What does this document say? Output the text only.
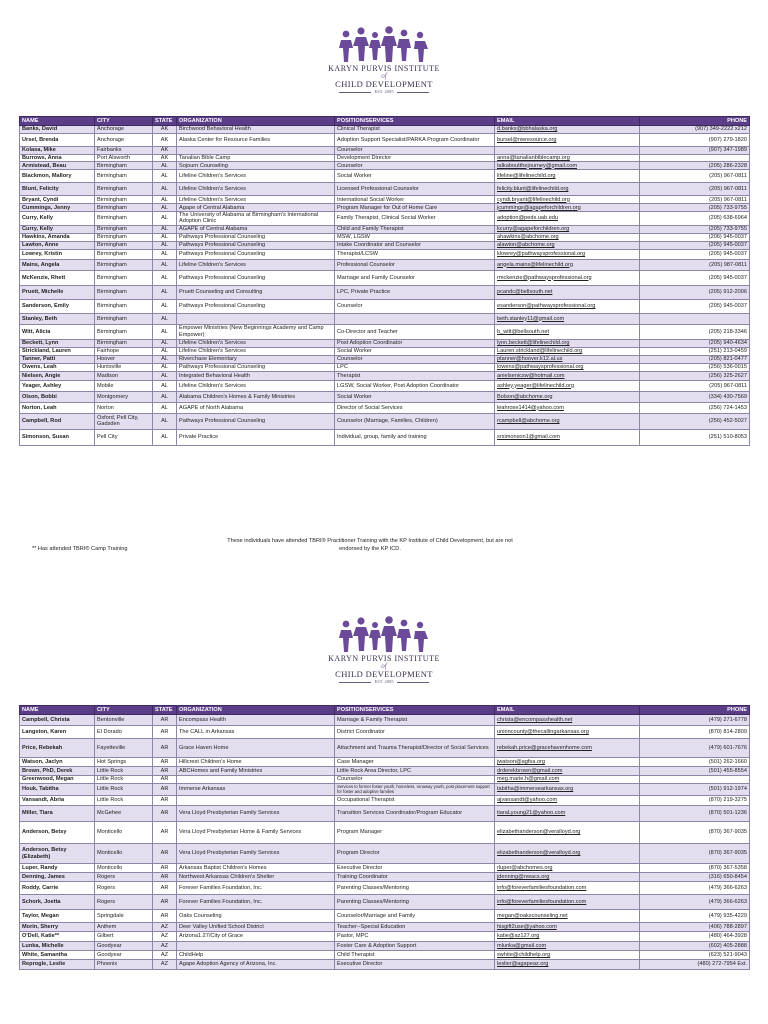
KARYN PURVIS INSTITUTE
of
CHILD DEVELOPMENT
EST. 2005
NAME	CITY	STATE	ORGANIZATION	POSITION/SERVICES	EMAIL	PHONE
Banks, David	Anchorage	AK	Birchwood Behavioral Health	Clinical Therapist	d.banks@bbhalaska.org	(907) 349-2222 x212
Ursel, Brenda	Anchorage	AK	Alaska Center for Resource Families	Adoption Support Specialist/PARKA Program Coordinator	bursel@nwresource.org	(907) 279-1820
Kolasa, Mike	Fairbanks	AK		Counselor		(907) 347-1989
Burrows, Anna	Port Alsworth	AK	Tanalian Bible Camp	Development Director	anna@tanalianbiblecamp.org	
Armistead, Beau	Birmingham	AL	Sojourn Counseling	Counselor	talkaboutthejourney@gmail.com	(205) 286-2328
Blackmon, Mallory	Birmingham	AL	Lifeline Children's Services	Social Worker	lifeline@lifelinechild.org	(205) 967-0811
Blunt, Felicity	Birmingham	AL	Lifeline Children's Services	Licensed Professional Counselor	felicity.blunt@lifelinechild.org	(205) 967-0811
Bryant, Cyndi	Birmingham	AL	Lifeline Children's Services	International Social Worker	cyndi.bryant@lifelinechild.org	(205) 967-0811
Cummings, Jenny	Birmingham	AL	Agape of Central Alabama	Program Manager for Out of Home Care	jcummings@agapeforchildren.org	(205) 733-9755
Curry, Kelly	Birmingham	AL	The University of Alabama at Birmingham's International Adoption Clinic	Family Therapist, Clinical Social Worker	adoption@peds.uab.edu	(205) 638-6964
Curry, Kelly	Birmingham	AL	AGAPE of Central Alabama	Child and Family Therapist	kcurry@agapeforchildren.org	(205) 733-9755
Hawkins, Amanda	Birmingham	AL	Pathways Professional Counseling	MSW, LGSW	ahawkins@abchome.org	(206) 945-0037
Lawton, Anne	Birmingham	AL	Pathways Professional Counseling	Intake Coordinator and Counselor	alawton@abchome.org	(205) 945-0037
Lowrey, Kristin	Birmingham	AL	Pathways Professional Counseling	Therapist/LCSW	klowrey@pathwaysprofessional.org	(205) 945-0037
Mains, Angela	Birmingham	AL	Lifeline Children's Services	Professional Counselor	angela.mains@lifelinechild.org	(205) 987-0811
McKenzie, Rhett	Birmingham	AL	Pathways Professional Counseling	Marriage and Family Counselor	rmckenzie@pathwaysprofessional.org	(205) 945-0037
Pruett, Michelle	Birmingham	AL	Pruett Counseling and Consulting	LPC, Private Practice	pcandc@bellsouth.net	(205) 912-2006
Sanderson, Emily	Birmingham	AL	Pathways Professional Counseling	Counselor	esanderson@pathwaysprofessional.org	(205) 945-0037
Stanley, Beth	Birmingham	AL			beth.stanley11@gmail.com	
Witt, Alicia	Birmingham	AL	Empower Ministries (New Beginnings Academy and Camp Empower)	Co-Director and Teacher	b_witt@bellsouth.net	(205) 218-3346
Beckett, Lynn	Birmingham	AL	Lifeline Children's Services	Post Adoption Coordinator	lynn.beckett@lifelinechild.org	(205) 940-4634
Strickland, Lauren	Fairhope	AL	Lifeline Children's Services	Social Worker	Lauren.strickland@lifelinechild.org	(251) 213-0459
Tanner, Patti	Hoover	AL	Riverchase Elementary	Counselor	ptanner@hoover.k12.al.us	(205) 821-0477
Owens, Leah	Huntsville	AL	Pathways Professional Counseling	LPC	lowens@pathwaysprofessional.org	(256) 536-0015
Nielsen, Angie	Madison	AL	Integrated Behavioral Health	Therapist	anielsenicsw@hotmail.com	(256) 325-2627
Yeager, Ashley	Mobile	AL	Lifeline Children's Services	LGSW, Social Worker, Post Adoption Coordinator	ashley.yeager@lifelinechild.org	(205) 967-0811
Olson, Bobbi	Montgomery	AL	Alabama Children's Homes & Family Ministries	Social Worker	Bolson@abchome.org	(334) 430-7569
Norton, Leah	Norton	AL	AGAPE of North Alabama	Director of Social Services	leahrose1414@yahoo.com	(256) 724-1453
Campbell, Rod	Oxford, Pell City, Gadsden	AL	Pathways Professional Counseling	Counselor (Marriage, Families, Children)	rcampbell@abchome.org	(256) 452-5027
Simonson, Susan	Pell City	AL	Private Practice	Individual, group, family and training	srsimonson1@gmail.com	(251) 510-8053
These individuals have attended TBRI® Practitioner Training with the KP Institute of Child Development, but are not endorsed by the KP ICD.
** Has attended TBRI® Camp Training
KARYN PURVIS INSTITUTE
of
CHILD DEVELOPMENT
EST. 2005
NAME	CITY	STATE	ORGANIZATION	POSITION/SERVICES	EMAIL	PHONE
Campbell, Christa	Bentonville	AR	Encompass Health	Marriage & Family Therapist	christa@encompasshealth.net	(479) 271-6778
Langston, Karen	El Dorado	AR	The CALL in Arkansas	District Coordinator	unioncounty@thecallingarkansas.org	(870) 814-2809
Price, Rebekah	Fayetteville	AR	Grace Haven Home	Attachment and Trauma Therapist/Director of Social Services	rebekah.price@gracehavenhome.com	(479) 601-7676
Watson, Jaclyn	Hot Springs	AR	Hillcrest Children's Home	Case Manager	jwatson@agfsa.org	(501) 262-1660
Brown, PhD, Derek	Little Rock	AR	ABCHomes and Family Ministries	Little Rock Area Director, LPC	drderekbrown@gmail.com	(501) 455-8554
Greenwood, Megan	Little Rock	AR		Counselor	meg.marie.h@gmail.com	
Houk, Tabitha	Little Rock	AR	Immerse Arkansas	Services to former foster youth, homeless, runaway youth, post placement support for foster and adoptive families	tabitha@immersearkansas.org	(501) 912-1974
Vansandt, Abria	Little Rock	AR		Occupational Therapist	ajvansandt@yahoo.com	(870) 219-3275
Miller, Tiara	McGehee	AR	Vera Lloyd Presbyterian Family Services	Transition Services Coordinator/Program Educator	tiaraLyoung21@yahoo.com	(870) 501-1236
Anderson, Betsy	Monticello	AR	Vera Lloyd Presbyterian Home & Family Services	Program Manager	elizabethanderson@veralloyd.org	(870) 367-9035
Anderson, Betsy (Elizabeth)	Monticello	AR	Vera Lloyd Presbyterian Family Services	Program Director	elizabethanderson@veralloyd.org	(870) 367-9035
Luper, Randy	Monticello	AR	Arkansas Baptist Children's Homes	Executive Director	rluper@abchomes.org	(870) 367-5358
Denning, James	Rogers	AR	Northwest Arkansas Children's Shelter	Training Coordinator	jdenning@nwacs.org	(316) 650-8454
Roddy, Carrie	Rogers	AR	Forever Families Foundation, Inc.	Parenting Classes/Mentoring	info@foreverfamiliesfoundation.com	(479) 366-6263
Schork, Joetta	Rogers	AR	Forever Families Foundation, Inc.	Parenting Classes/Mentoring	info@foreverfamiliesfoundation.com	(479) 366-6263
Taylor, Megan	Springdale	AR	Oaks Counseling	Counselor/Marriage and Family	megan@oakscounseling.net	(479) 935-4229
Morin, Sherry	Anthem	AZ	Deer Valley Unified School District	Teacher--Special Education	hisgift2use@yahoo.com	(406) 788-2897
O'Dell, Katie**	Gilbert	AZ	Arizona1.27/City of Grace	Pastor, MPC	katie@az127.org	(480) 464-3928
Lunka, Michelle	Goodyear	AZ		Foster Care & Adoption Support	mlunka@gmail.com	(602) 405-2888
White, Samantha	Goodyear	AZ	ChildHelp	Child Therapist	swhite@childhelp.org	(623) 521-9043
Reprogle, Leslie	Phoenix	AZ	Agape Adoption Agency of Arizona, Inc.	Executive Director	leslier@agapeaz.org	(480) 272-7954 Ext.
